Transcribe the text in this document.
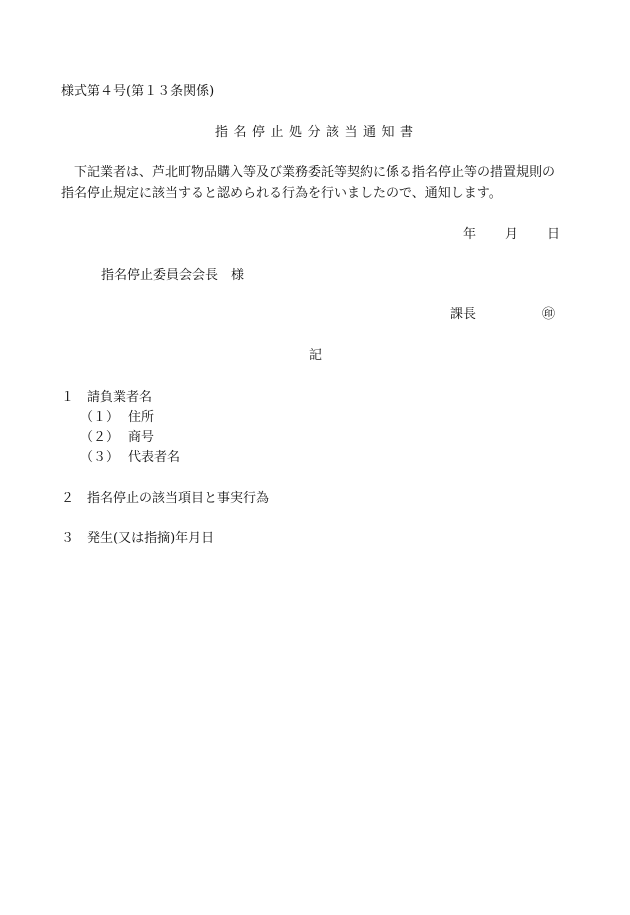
様式第４号(第１３条関係)
指名停止処分該当通知書
　下記業者は、芦北町物品購入等及び業務委託等契約に係る指名停止等の措置規則の
指名停止規定に該当すると認められる行為を行いましたので、通知します。
年 月 日
指名停止委員会会長　様
課長	㊞
記
１ 請負業者名
（１） 住所
（２） 商号
（３） 代表者名
２ 指名停止の該当項目と事実行為
３ 発生(又は指摘)年月日
